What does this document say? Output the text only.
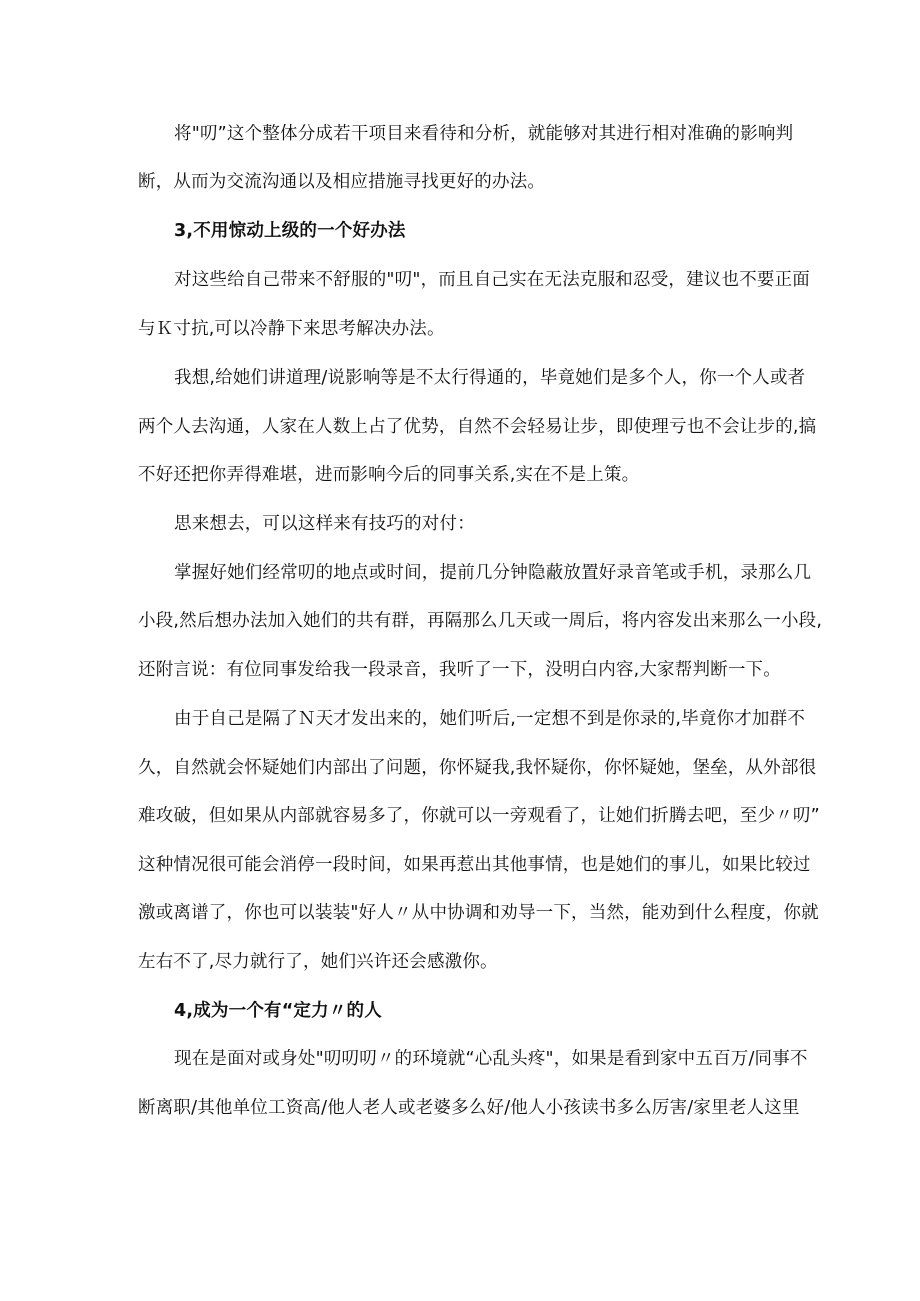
将"叨”这个整体分成若干项目来看待和分析，就能够对其进行相对准确的影响判
断，从而为交流沟通以及相应措施寻找更好的办法。
3,不用惊动上级的一个好办法
对这些给自己带来不舒服的"叨"，而且自己实在无法克服和忍受，建议也不要正面
与Ｋ寸抗,可以冷静下来思考解决办法。
我想,给她们讲道理/说影响等是不太行得通的，毕竟她们是多个人，你一个人或者
两个人去沟通，人家在人数上占了优势，自然不会轻易让步，即使理亏也不会让步的,搞
不好还把你弄得难堪，进而影响今后的同事关系,实在不是上策。
思来想去，可以这样来有技巧的对付：
掌握好她们经常叨的地点或时间，提前几分钟隐蔽放置好录音笔或手机，录那么几
小段,然后想办法加入她们的共有群，再隔那么几天或一周后，将内容发出来那么一小段,
还附言说：有位同事发给我一段录音，我听了一下，没明白内容,大家帮判断一下。
由于自己是隔了Ｎ天才发出来的，她们听后,一定想不到是你录的,毕竟你才加群不
久，自然就会怀疑她们内部出了问题，你怀疑我,我怀疑你，你怀疑她，堡垒，从外部很
难攻破，但如果从内部就容易多了，你就可以一旁观看了，让她们折腾去吧，至少〃叨”
这种情况很可能会消停一段时间，如果再惹出其他事情，也是她们的事儿，如果比较过
激或离谱了，你也可以装装"好人〃从中协调和劝导一下，当然，能劝到什么程度，你就
左右不了,尽力就行了，她们兴许还会感激你。
4,成为一个有“定力〃的人
现在是面对或身处"叨叨叨〃的环境就“心乱头疼"，如果是看到家中五百万/同事不
断离职/其他单位工资高/他人老人或老婆多么好/他人小孩读书多么厉害/家里老人这里
